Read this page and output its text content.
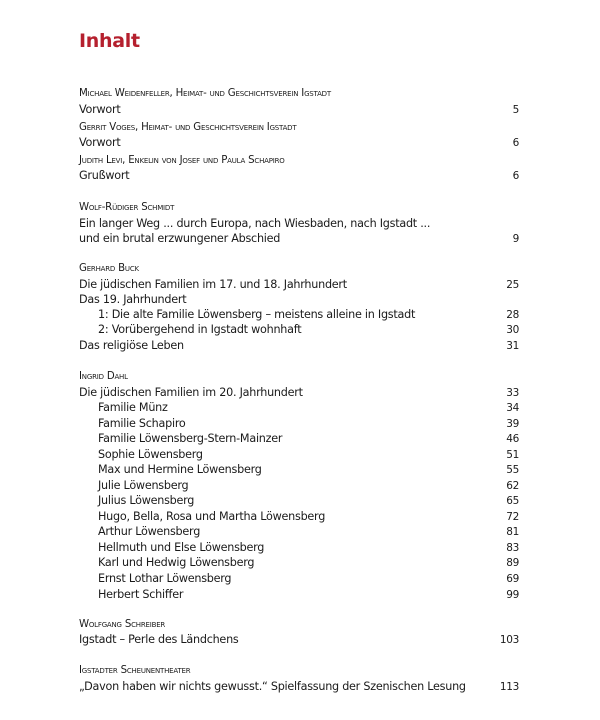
Inhalt
Michael Weidenfeller, Heimat- und Geschichtsverein Igstadt
Vorwort	5
Gerrit Voges, Heimat- und Geschichtsverein Igstadt
Vorwort	6
Judith Levi, Enkelin von Josef und Paula Schapiro
Grußwort	6
Wolf-Rüdiger Schmidt
Ein langer Weg ... durch Europa, nach Wiesbaden, nach Igstadt ...
und ein brutal erzwungener Abschied	9
Gerhard Buck
Die jüdischen Familien im 17. und 18. Jahrhundert	25
Das 19. Jahrhundert
1: Die alte Familie Löwensberg – meistens alleine in Igstadt	28
2: Vorübergehend in Igstadt wohnhaft	30
Das religiöse Leben	31
Ingrid Dahl
Die jüdischen Familien im 20. Jahrhundert	33
Familie Münz	34
Familie Schapiro	39
Familie Löwensberg-Stern-Mainzer	46
Sophie Löwensberg	51
Max und Hermine Löwensberg	55
Julie Löwensberg	62
Julius Löwensberg	65
Hugo, Bella, Rosa und Martha Löwensberg	72
Arthur Löwensberg	81
Hellmuth und Else Löwensberg	83
Karl und Hedwig Löwensberg	89
Ernst Lothar Löwensberg	69
Herbert Schiffer	99
Wolfgang Schreiber
Igstadt – Perle des Ländchens	103
Igstadter Scheunentheater
„Davon haben wir nichts gewusst.“ Spielfassung der Szenischen Lesung	113
